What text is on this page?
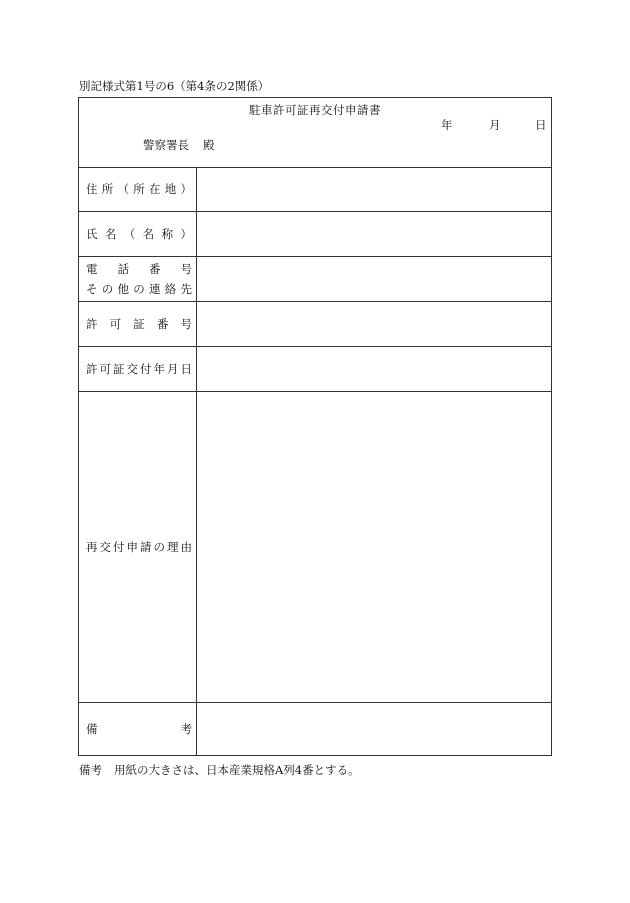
別記様式第1号の6（第4条の2関係）
駐車許可証再交付申請書
年	月	日
警察署長 殿
住 所 （ 所 在 地 ）
氏 名 （ 名 称 ）
電 話 番 号
そ の 他 の 連 絡 先
許 可 証 番 号
許 可 証 交 付 年 月 日
再 交 付 申 請 の 理 由
備	考
備考 用紙の大きさは、日本産業規格A列4番とする。
